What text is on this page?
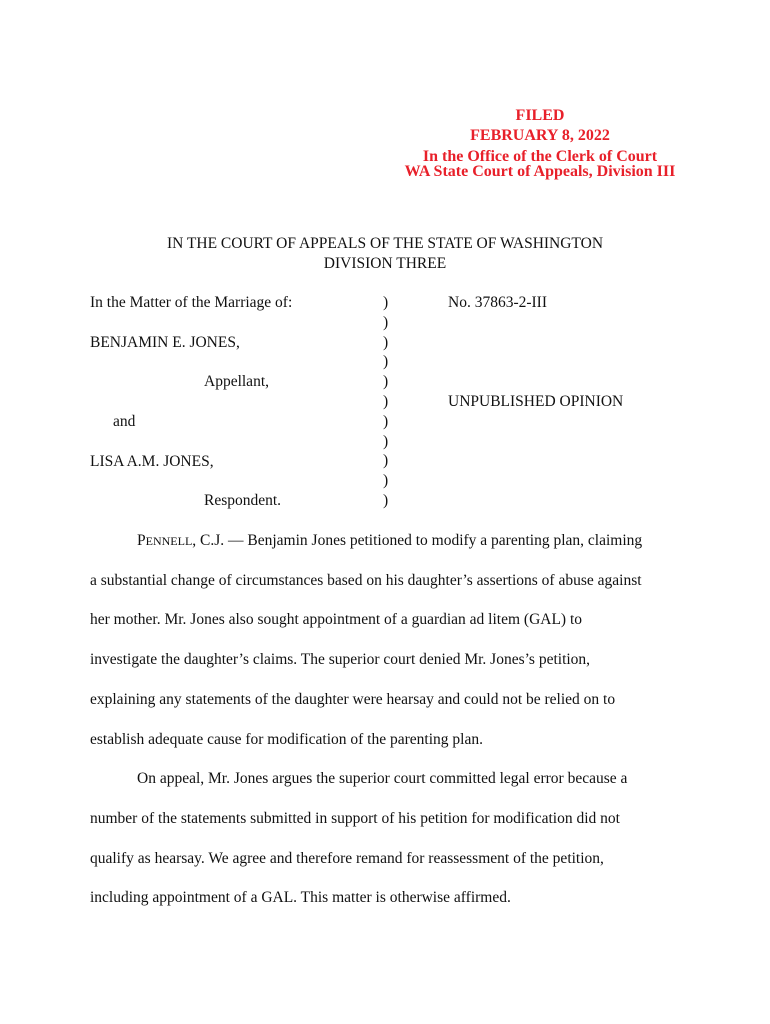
FILED
FEBRUARY 8, 2022
In the Office of the Clerk of Court
WA State Court of Appeals, Division III
IN THE COURT OF APPEALS OF THE STATE OF WASHINGTON
DIVISION THREE
In the Matter of the Marriage of:
BENJAMIN E. JONES,
Appellant,
and
LISA A.M. JONES,
Respondent.
)
)
)
)
)
)
)
)
)
)
)
No. 37863-2-III
UNPUBLISHED OPINION
PENNELL, C.J. — Benjamin Jones petitioned to modify a parenting plan, claiming
a substantial change of circumstances based on his daughter’s assertions of abuse against
her mother. Mr. Jones also sought appointment of a guardian ad litem (GAL) to
investigate the daughter’s claims. The superior court denied Mr. Jones’s petition,
explaining any statements of the daughter were hearsay and could not be relied on to
establish adequate cause for modification of the parenting plan.
On appeal, Mr. Jones argues the superior court committed legal error because a
number of the statements submitted in support of his petition for modification did not
qualify as hearsay. We agree and therefore remand for reassessment of the petition,
including appointment of a GAL. This matter is otherwise affirmed.
